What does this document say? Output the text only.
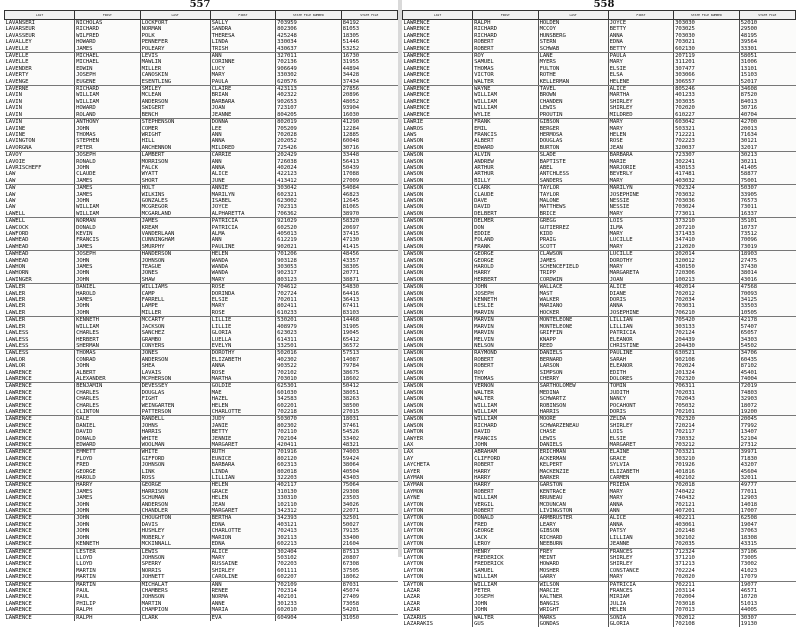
557	558
LAST	FIRST	LAST	FIRST	STATE FILE NUMBER	STATE FILE
LAVANSERI	NICHOLAS	LOCKFORT	SALLY	703959	84192
LAVARSEUR	RICHARD	NORMAN	SANDRA	802306	81053
LAVASSEUR	WILFRED	POLK	THERESA	425248	18305
LAVALLEY	HOWARD	PENNEFER	LINDA	330034	51446
LAVELLE	JAMES	POLEARY	TRISH	430637	53252
LAVELLE	MICHAEL	LEVIS	ANN	327011	16730
LAVELLE	MICHAEL	MAWLIN	CORINNE	702136	31955
LAVENDER	EDWIN	MILLER	LUCY	906649	44894
LAVERTY	JOSEPH	CANOSKIN	MARY	330302	34428
LAVENGE	EUGENE	ESENTLING	PAULA	620576	37434
LAVERNE	RICHARD	SMILEY	CLAIRE	423113	27856
LAVIN	WILLIAM	MCLEAN	BRIAN	402322	20896
LAVIN	WILLIAM	ANDERSON	BARBARA	902653	48052
LAVIN	HOWARD	SWIGERT	JOAN	723107	93904
LAVIN	ROLAND	BENCH	JEANNE	804205	16030
LAVIN	ANTHONY	STEPHENSON	DONNA	802019	41290
LAVINE	JOHN	COMER	LEE	705209	12284
LAVINE	THOMAS	WRIGHT	ANN	702028	12885
LAVINGTON	STEPHEN	HILL	ANNA	202052	60048
LAVORGNA	PETER	ANCHENNON	MILDRED	725426	30716
LAVOY	JOSEPH	LAMBERT	CARRIE	202429	33448
LAVOIE	RONALD	MORRISON	ANN	726038	56413
LAVRISCHEFF	JOHN	FALCK	ANNA	402024	50439
LAW	CLAUDE	WYATT	ALICE	422123	17088
LAW	JAMES	SHORT	JUNE	413412	27009
LAW	JAMES	HOLT	ANNIE	303042	54084
LAW	JAMES	WILKINS	MARILYN	602321	46823
LAW	JOHN	GONZALES	ISABEL	623002	12645
LAW	WILLIAM	MCGREGOR	JOYCE	702313	81065
LAWELL	WILLIAM	MCGARLAND	ALPHARETTA	706362	38970
LAWELL	NORMAN	JAMES	PATRICIA	921029	58320
LAWCOCK	DONALD	KREAM	PATRICIA	602520	20697
LAWFORD	KEVIN	VANDERLAAN	ALMA	405013	37415
LAWHEAD	FRANCIS	CUNNINGHAM	ANN	612219	47130
LAWHEAD	JAMES	SMURPHY	PAULINE	902021	41415
LAWHEAD	JOSEPH	HANDERSON	HELEN	701206	48456
LAWHEAD	JOHN	JOHNSON	WANDA	903128	43357
LAWHON	JAMES	TEAGUE	WANDA	303053	38305
LAWHORN	JOHN	JONES	WANDA	902317	20771
LAWINGER	JOHN	SHAW	MARY	803123	38871
LAWLER	DANIEL	WILLIAMS	ROSE	704612	54830
LAWLER	HAROLD	CAMP	DORINDA	702724	64416
LAWLER	JAMES	FARRELL	ELSIE	702011	36413
LAWLER	JOHN	LAMPE	MARY	802411	67411
LAWLER	JOHN	MILLER	ROSE	610233	83103
LAWLER	KENNETH	MCCARTY	LILLIE	530201	14468
LAWLER	WILLIAM	JACKSON	LILLIE	408979	31905
LAWLESS	CHARLES	SANCHEZ	GLORIA	623023	19045
LAWLESS	HERBERT	GRAMBO	LUELLA	614311	65412
LAWLESS	SHERMAN	CONYERS	EVELYN	332501	36572
LAWLESS	THOMAS	JONES	DOROTHY	502016	57513
LAWLOR	CONRAD	ANDERSON	ELIZABETH	402302	14087
LAWLOR	JOHN	SHEA	ANNA	903522	79784
LAWRENCE	ALBERT	LAVAIS	ROSE	702102	38675
LAWRENCE	ALEXANDER	MCPHERSON	MARTHA	703010	18602
LAWRENCE	BENJAMIN	DEVESSEY	GOLDIE	625301	50412
LAWRENCE	CHARLES	DOUGLAS	MAE	601030	38051
LAWRENCE	CHARLES	FIGHT	HAZEL	342583	38263
LAWRENCE	CHARLES	WEINGARTEN	HELEN	602201	38500
LAWRENCE	CLINTON	PATTERSON	CHARLOTTE	702218	27015
LAWRENCE	DALE	RANDELL	JUDY	503070	18031
LAWRENCE	DANIEL	JOHNS	JANIE	802302	37461
LAWRENCE	DAVID	HARRIS	BETTY	702110	54526
LAWRENCE	DONALD	WHITE	JENNIE	702104	33402
LAWRENCE	EDWARD	WOOLMAN	MARGARET	420411	48321
LAWRENCE	EMMETT	WHITE	RUTH	701916	74003
LAWRENCE	FLOYD	GIFFORD	EUNICE	802120	59424
LAWRENCE	FRED	JOHNSON	BARBARA	602313	38064
LAWRENCE	GEORGE	LINK	LINDA	802018	40504
LAWRENCE	HAROLD	ROSS	LILLIAN	322203	43403
LAWRENCE	HARRY	GEORGE	HELEN	402117	75064
LAWRENCE	JAMES	HARRISON	GRACE	310130	29308
LAWRENCE	JAMES	SCHUMAN	HELEN	330310	23503
LAWRENCE	JOHN	ANDERSON	JEAN	102110	34026
LAWRENCE	JOHN	CHANDLER	MARGARET	342312	22071
LAWRENCE	JOHN	CHOUGHTON	BERTHA	342393	32501
LAWRENCE	JOHN	DAVIS	EDNA	403121	50027
LAWRENCE	JOHN	HUSHLEY	CHARLOTTE	702413	79135
LAWRENCE	JOHN	MOBERLY	MARION	302113	33400
LAWRENCE	KENNETH	MCKINNALL	EDNA	602213	21604
LAWRENCE	LESTER	LEWIS	ALICE	302404	87513
LAWRENCE	LLOYD	JOHNSON	MARY	503102	20807
LAWRENCE	LLOYD	SPERRY	RUSSAINE	702203	67308
LAWRENCE	MARTIN	NORRIS	SHIRLEY	601111	37505
LAWRENCE	MARTIN	JOHNETT	CAROLINE	602207	18062
LAWRENCE	MARTIN	MICHALAT	ANN	702109	87031
LAWRENCE	PAUL	CHAMBERS	RENEE	702314	45074
LAWRENCE	PAUL	JOHNSON	NORMA	402101	27409
LAWRENCE	PHILIP	MARTIN	ANNE	301233	73058
LAWRENCE	RALPH	CHAMPION	MARIA	602010	54201
LAWRENCE	RALPH	CLARK	EVA	604904	31050
LAST	FIRST	LAST	FIRST	STATE FILE NUMBER	STATE FILE
LAWRENCE	RALPH	HOLDEN	JOYCE	303030	52010
LAWRENCE	RICHARD	MCCOY	BETTY	703025	29500
LAWRENCE	RICHARD	HUNSBERG	ANNA	703030	48195
LAWRENCE	ROBERT	STERN	EDNA	703021	39564
LAWRENCE	ROBERT	SCHWAB	BETTY	602130	33301
LAWRENCE	ROY	LANE	PAULA	207119	58051
LAWRENCE	SAMUEL	MYERS	MARY	311201	31006
LAWRENCE	THOMAS	FULTON	ELSIE	307477	13101
LAWRENCE	VICTOR	ROTHE	ELSA	303066	15103
LAWRENCE	WALTER	KELLERMAN	HELENE	306557	52017
LAWRENCE	WAYNE	TAVEL	ALICE	805246	34608
LAWRENCE	WILLIAM	BROWN	MARTHA	401233	87520
LAWRENCE	WILLIAM	CHANDEN	SHIRLEY	303035	84013
LAWRENCE	WILLIAM	LEWIS	SHIRLEY	702020	30716
LAWRENCE	WYLIE	PROUTIN	MILDRED	610227	40704
LAWRIE	FRANK	GIBSON	MARY	603042	42700
LAWROS	EMIL	BERGER	MARY	503321	20013
LAWS	FRANCIS	HERMOSA	HELEN	712221	71634
LAWSON	ALBERT	DOUGLAS	ROSE	702223	30121
LAWSON	EDWARD	BURTON	JEAN	320037	32017
LAWSON	ALVIN	SLADE	BARBARA	723307	30213
LAWSON	ANDREW	BAPTISTE	MARIE	302241	30211
LAWSON	ARTHUR	ABEL	MARJORIE	430153	41405
LAWSON	ARTHUR	ANTCHLESS	BEVERLY	417481	58877
LAWSON	BILLY	SANDERS	MARY	403032	75001
LAWSON	CLARK	TAYLOR	MARILYN	702324	50307
LAWSON	CLAUDE	TAYLOR	JOSEPHINE	703032	33905
LAWSON	DAVE	MALONE	NESSIE	703036	76573
LAWSON	DAVID	MATTHEWS	NESSIE	703024	73011
LAWSON	DELBERT	BRICE	MARY	773011	16337
LAWSON	DELMER	GREGG	LOIS	373210	35101
LAWSON	DON	GUTIERREZ	ILMA	207210	10737
LAWSON	EDDIE	KIDD	MARY	371433	73512
LAWSON	FOLAND	PRAIG	LUCILLE	347410	70096
LAWSON	FRANK	SCOTT	MARY	212020	73019
LAWSON	GEORGE	CLAWSON	LUCILLE	202014	18903
LAWSON	GEORGE	JAMES	DOROTHY	320012	27475
LAWSON	HAROLD	SCHENCEFIELD	MARY	430150	37430
LAWSON	HARRY	TRIPP	MARGARETA	720306	38014
LAWSON	HERBERT	CORDWIN	JOAN	100213	43016
LAWSON	JOHN	WALLACE	ALICE	402014	47568
LAWSON	JOSEPH	MAST	DIANE	702012	70093
LAWSON	KENNETH	WALKER	DORIS	702034	34125
LAWSON	LESLIE	MARIANO	ANNA	703031	33503
LAWSON	MARVIN	HOCKER	JOSEPHINE	706210	10505
LAWSON	MARVIN	MONTELEONE	LILLIAN	705420	42178
LAWSON	MARVIN	MONTELEONE	LILLIAN	303133	57407
LAWSON	MARVIN	GRIFFIN	PATRICIA	702124	65057
LAWSON	MELVIN	KNAPP	ELEANOR	204439	34303
LAWSON	NELSON	REED	CHRISTINE	204430	54502
LAWSON	RAYMOND	DANIELS	PAULINE	630521	34706
LAWSON	ROBERT	BERNARD	SARAH	902108	60435
LAWSON	ROBERT	LARSON	ELEANOR	702024	87102
LAWSON	ROY	SIMPSON	EDITH	201324	45401
LAWSON	THOMAS	CHERRY	DOLORES	702320	74004
LAWSON	VERNON	SARTHOLOMEW	TOMIN	706311	72019
LAWSON	WALTER	MEDINA	JUDITH	702031	74803
LAWSON	WALTER	SCHWARTZ	NANCY	702043	32903
LAWSON	WILLIAM	ROBINSON	POCAHONT	705032	18072
LAWSON	WILLIAM	HARRIS	DORIS	702101	19200
LAWSON	WILLIAM	MOORE	ZELDA	702320	20045
LAWSON	RICHARD	SCHWARZENEAU	SHIRLEY	720214	77992
LAWTON	DAVID	CHASE	LOIS	702117	13407
LAWYER	FRANCIS	LEWIS	ELSIE	730332	52104
LAX	JOHN	DANIELS	MARGARET	703212	27312
LAX	ABRAHAM	ERICHMAN	ELAINE	703321	39971
LAY	CLIFFORD	ACKERMAN	GRACE	303210	71830
LAYCHETA	ROBERT	KELPERT	SYLVIA	701926	43207
LAYER	HARRY	MACKENZIE	ELIZABETH	401816	45604
LAYMAN	HARRY	BARKER	CARMEN	402102	32011
LAYMAN	HARRY	GARSTON	FRIEDA	702018	49777
LAYMON	ROBERT	KENTRACE	MARY	740422	77011
LAYNE	WILLIAM	BRUNEAU	MARY	740432	12903
LAYTON	VERGIL	MCDUNCAN	ANNA	702121	14018
LAYTON	ROBERT	LIVINGSTON	ANN	407201	17007
LAYTON	DONALD	ARMBRUSTER	ALICE	402211	62508
LAYTON	FRED	LEARY	ANNA	403061	19047
LAYTON	GEORGE	GIBSON	PATSY	202148	37063
LAYTON	JACK	RICHARD	LILLIAN	302102	18308
LAYTON	LEROY	NEEBURN	JEANNE	702035	43315
LAYTON	HENRY	FREY	FRANCES	712324	37106
LAYTON	FREDERICK	MEINT	SHIRLEY	371210	73005
LAYTON	FREDERICK	HOWARD	SHIRLEY	371213	73002
LAYTON	SAMUEL	MOSHER	CONSTANCE	702224	41023
LAYTON	WILLIAM	GARRY	MARY	702020	17079
LAYTON	WILLIAM	WILSON	PATRICIA	702211	19077
LAZAR	PETER	MARCIE	FRANCES	203114	46571
LAZAR	JOSEPH	KALTNER	MIRIAM	702004	10720
LAZAR	JOHN	BANGIS	JULIA	703018	51013
LAZAR	JOHN	WRIGHT	HELEN	707013	44005
LAZARUS	WALTER	MARKS	SONIA	702012	30307
LAZARAKIS	GUS	GONDAS	GLORIA	702108	19130
